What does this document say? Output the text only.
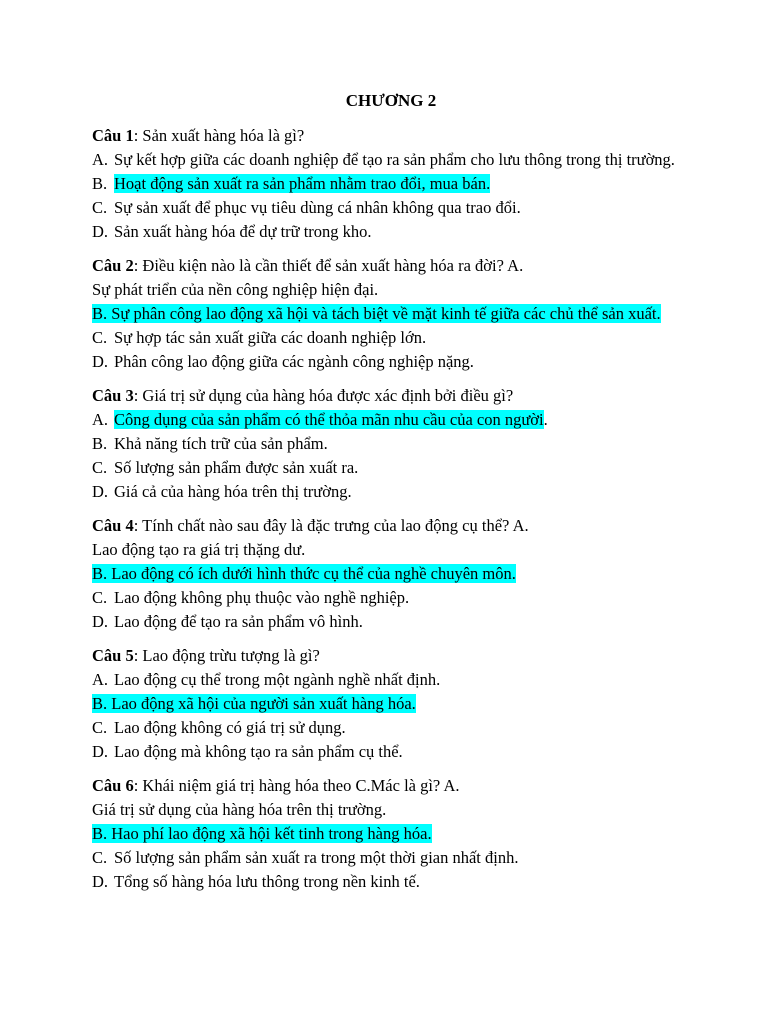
CHƯƠNG 2
Câu 1: Sản xuất hàng hóa là gì?
A. Sự kết hợp giữa các doanh nghiệp để tạo ra sản phẩm cho lưu thông trong thị trường.
B. Hoạt động sản xuất ra sản phẩm nhằm trao đổi, mua bán.
C. Sự sản xuất để phục vụ tiêu dùng cá nhân không qua trao đổi.
D. Sản xuất hàng hóa để dự trữ trong kho.
Câu 2: Điều kiện nào là cần thiết để sản xuất hàng hóa ra đời? A.
Sự phát triển của nền công nghiệp hiện đại.
B. Sự phân công lao động xã hội và tách biệt về mặt kinh tế giữa các chủ thể sản xuất.
C. Sự hợp tác sản xuất giữa các doanh nghiệp lớn.
D. Phân công lao động giữa các ngành công nghiệp nặng.
Câu 3: Giá trị sử dụng của hàng hóa được xác định bởi điều gì?
A. Công dụng của sản phẩm có thể thỏa mãn nhu cầu của con người.
B. Khả năng tích trữ của sản phẩm.
C. Số lượng sản phẩm được sản xuất ra.
D. Giá cả của hàng hóa trên thị trường.
Câu 4: Tính chất nào sau đây là đặc trưng của lao động cụ thể? A.
Lao động tạo ra giá trị thặng dư.
B. Lao động có ích dưới hình thức cụ thể của nghề chuyên môn.
C. Lao động không phụ thuộc vào nghề nghiệp.
D. Lao động để tạo ra sản phẩm vô hình.
Câu 5: Lao động trừu tượng là gì?
A. Lao động cụ thể trong một ngành nghề nhất định.
B. Lao động xã hội của người sản xuất hàng hóa.
C. Lao động không có giá trị sử dụng.
D. Lao động mà không tạo ra sản phẩm cụ thể.
Câu 6: Khái niệm giá trị hàng hóa theo C.Mác là gì? A.
Giá trị sử dụng của hàng hóa trên thị trường.
B. Hao phí lao động xã hội kết tinh trong hàng hóa.
C. Số lượng sản phẩm sản xuất ra trong một thời gian nhất định.
D. Tổng số hàng hóa lưu thông trong nền kinh tế.
